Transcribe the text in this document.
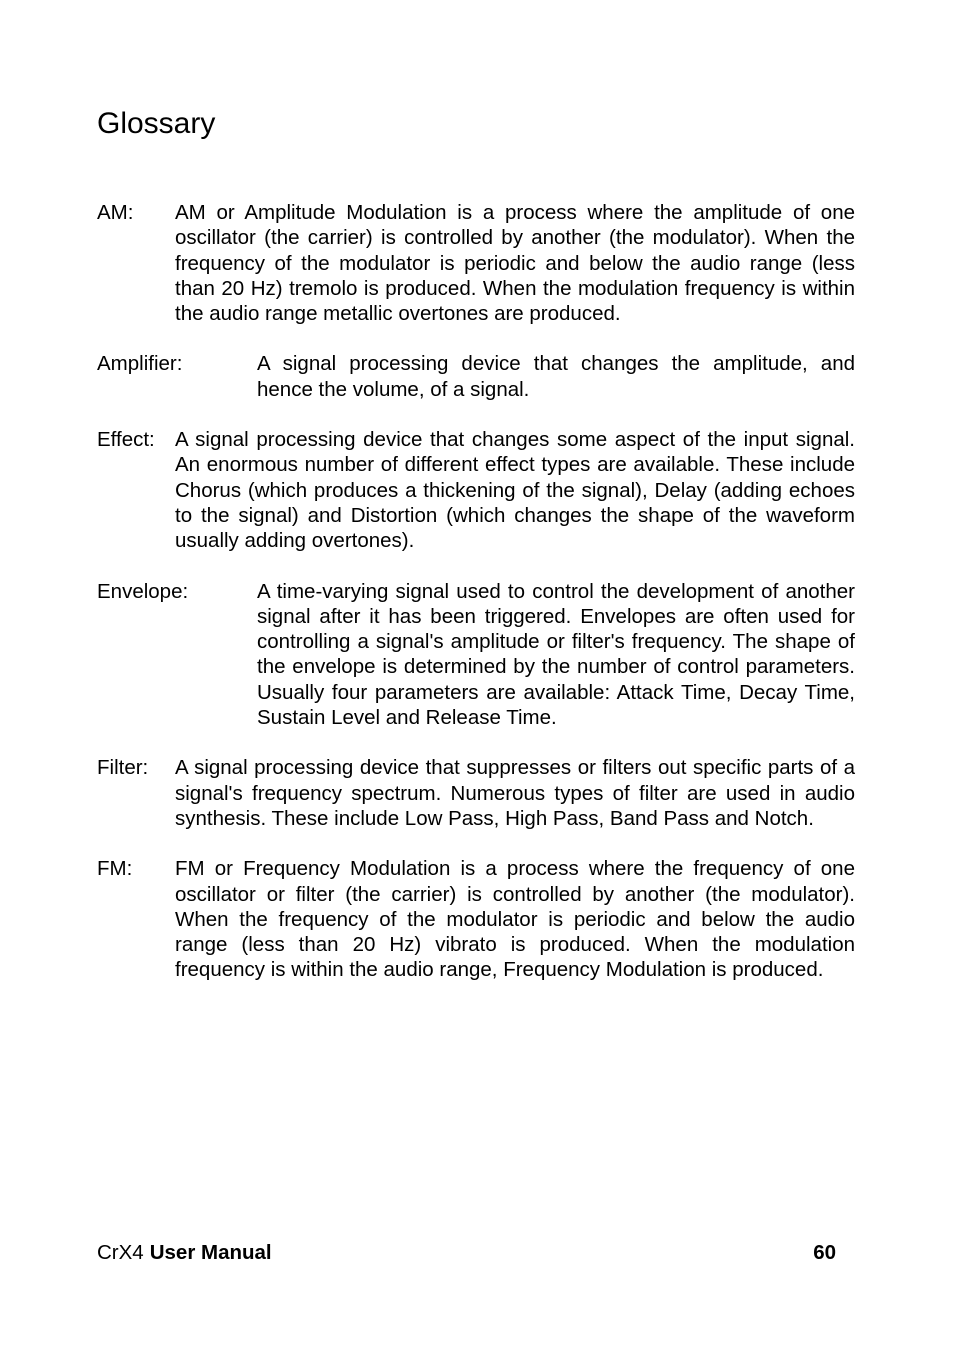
Glossary
AM: AM or Amplitude Modulation is a process where the amplitude of one oscillator (the carrier) is controlled by another (the modulator). When the frequency of the modulator is periodic and below the audio range (less than 20 Hz) tremolo is produced. When the modulation frequency is within the audio range metallic overtones are produced.
Amplifier:	A signal processing device that changes the amplitude, and hence the volume, of a signal.
Effect: A signal processing device that changes some aspect of the input signal. An enormous number of different effect types are available. These include Chorus (which produces a thickening of the signal), Delay (adding echoes to the signal) and Distortion (which changes the shape of the waveform usually adding overtones).
Envelope:	A time-varying signal used to control the development of another signal after it has been triggered. Envelopes are often used for controlling a signal's amplitude or filter's frequency. The shape of the envelope is determined by the number of control parameters. Usually four parameters are available: Attack Time, Decay Time, Sustain Level and Release Time.
Filter: A signal processing device that suppresses or filters out specific parts of a signal's frequency spectrum. Numerous types of filter are used in audio synthesis. These include Low Pass, High Pass, Band Pass and Notch.
FM: FM or Frequency Modulation is a process where the frequency of one oscillator or filter (the carrier) is controlled by another (the modulator). When the frequency of the modulator is periodic and below the audio range (less than 20 Hz) vibrato is produced. When the modulation frequency is within the audio range, Frequency Modulation is produced.
CrX4 User Manual	60
